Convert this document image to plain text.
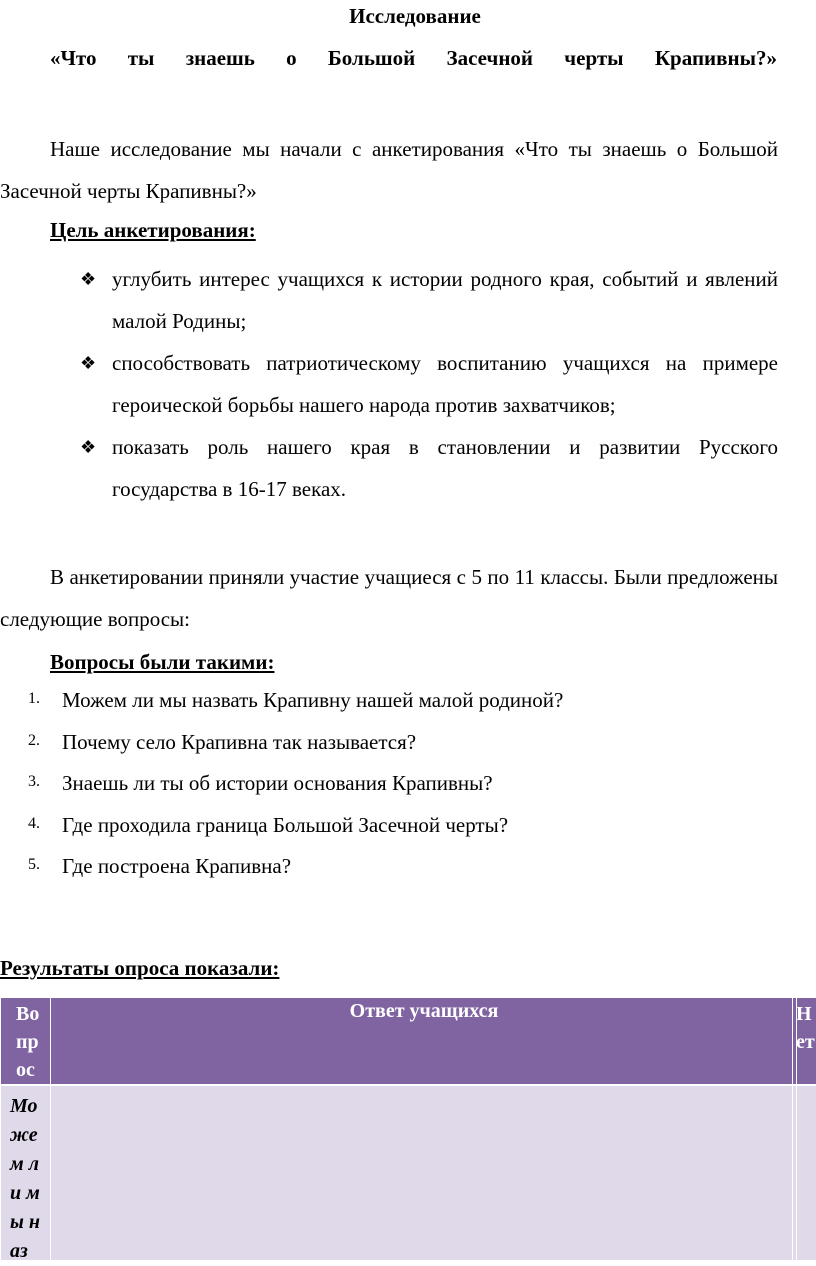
Исследование
«Что ты знаешь о Большой Засечной черты Крапивны?»
Наше исследование мы начали с анкетирования «Что ты знаешь о Большой Засечной черты Крапивны?»
Цель анкетирования:
❖ углубить интерес учащихся к истории родного края, событий и явлений малой Родины;
❖ способствовать патриотическому воспитанию учащихся на примере героической борьбы нашего народа против захватчиков;
❖ показать роль нашего края в становлении и развитии Русского государства в 16-17 веках.
В анкетировании приняли участие учащиеся с 5 по 11 классы. Были предложены следующие вопросы:
Вопросы были такими:
1. Можем ли мы назвать Крапивну нашей малой родиной?
2. Почему село Крапивна так называется?
3. Знаешь ли ты об истории основания Крапивны?
4. Где проходила граница Большой Засечной черты?
5. Где построена Крапивна?
Результаты опроса показали:
Вопрос
Ответ учащихся	Нет
Можем ли мы наз
